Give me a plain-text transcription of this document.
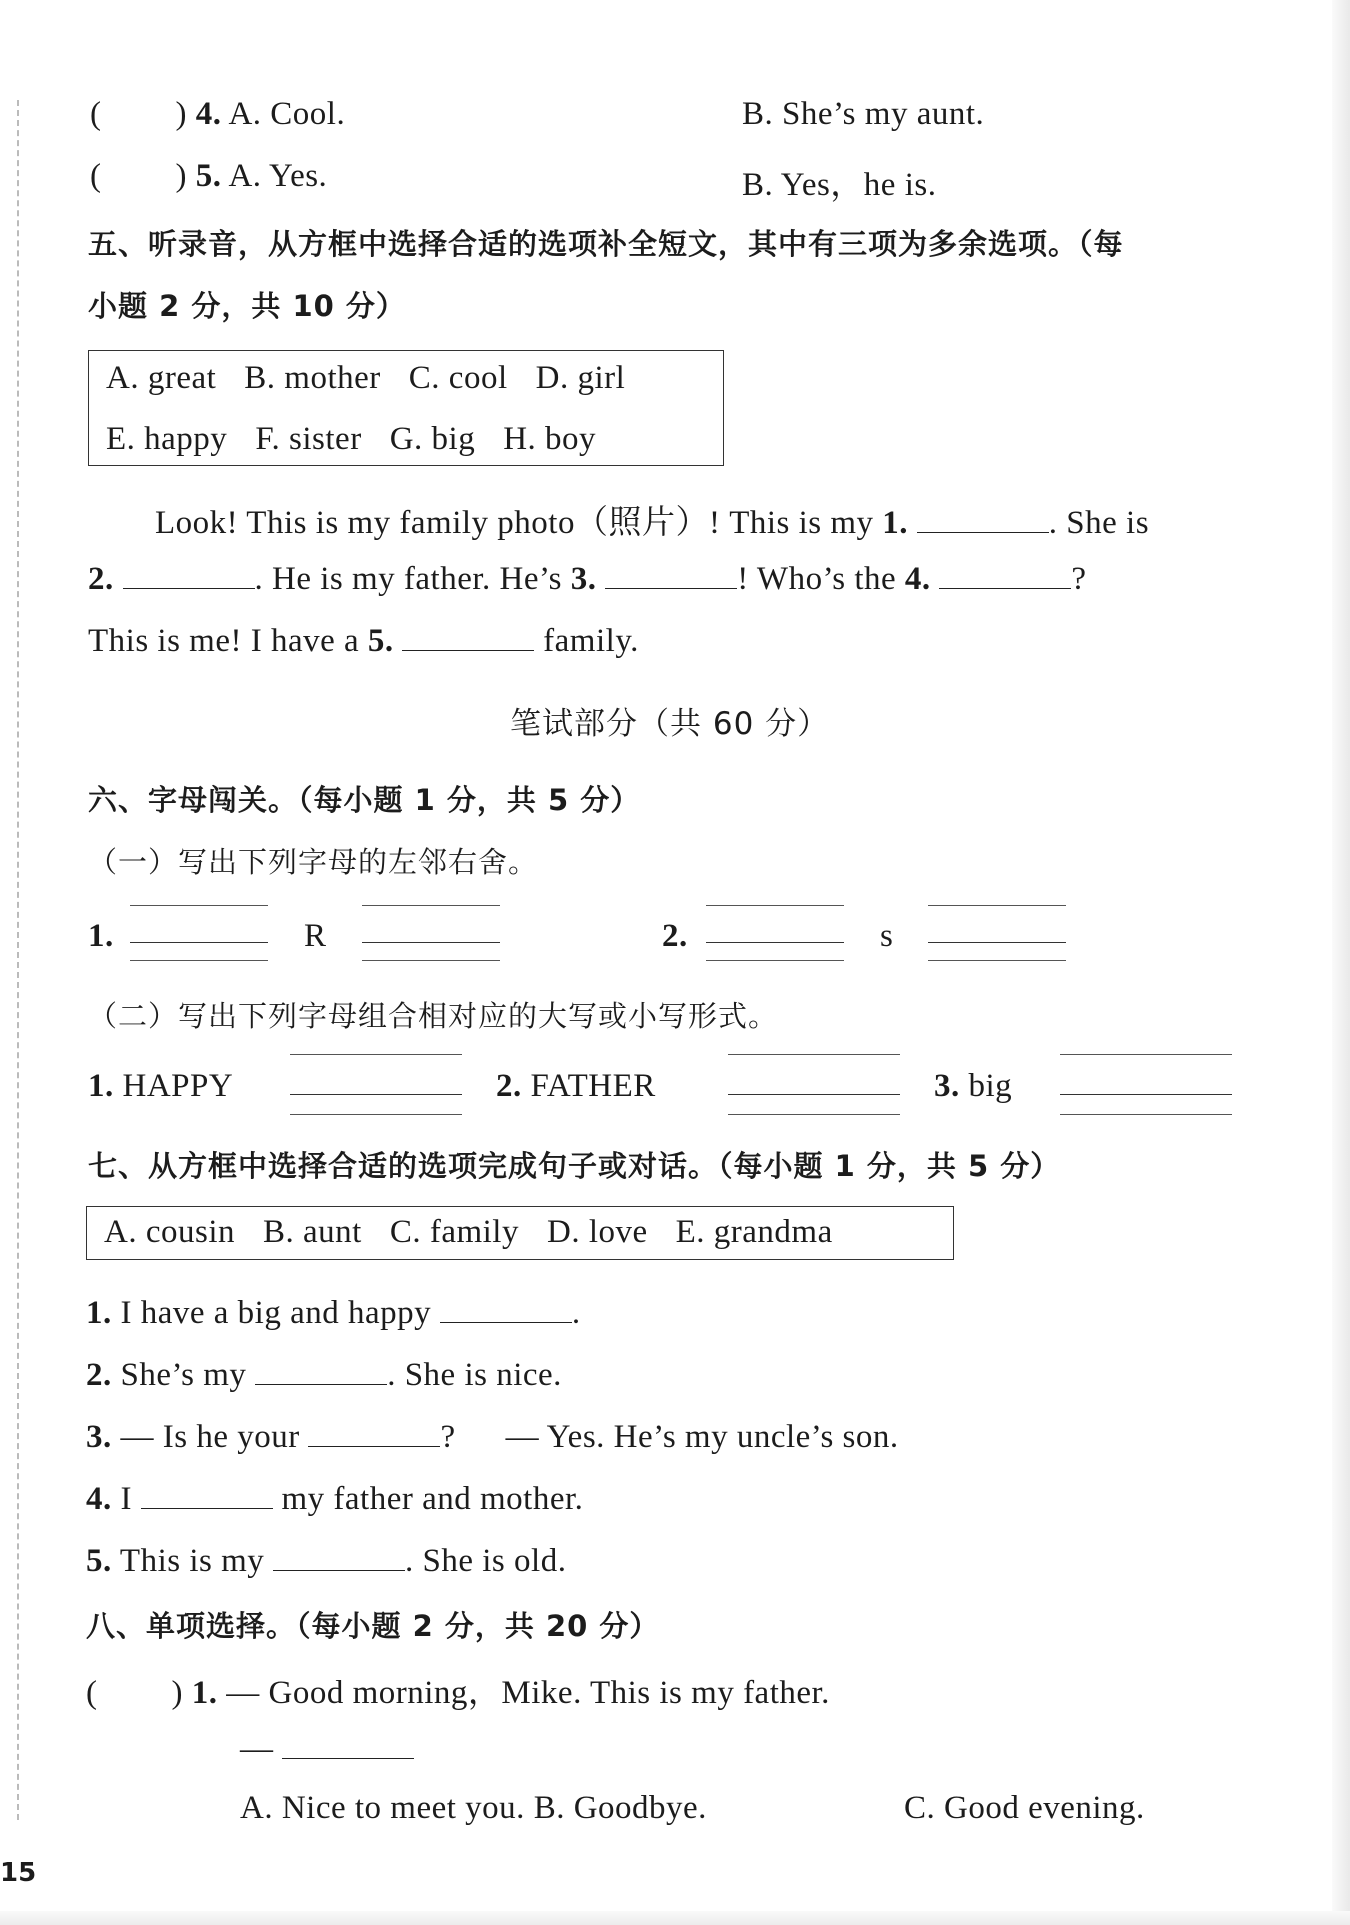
( ) 4. A. Cool.	B. She’s my aunt.
( ) 5. A. Yes.	B. Yes，he is.
五、听录音，从方框中选择合适的选项补全短文，其中有三项为多余选项。（每
小题 2 分，共 10 分）
A. great B. mother C. cool D. girl
E. happy F. sister G. big H. boy
Look! This is my family photo（照片）! This is my 1.	. She is
2.	. He is my father. He’s 3.	! Who’s the 4.	?
This is me! I have a 5.	family.
笔试部分（共 60 分）
六、字母闯关。（每小题 1 分，共 5 分）
（一）写出下列字母的左邻右舍。
1.	R	2.	s
（二）写出下列字母组合相对应的大写或小写形式。
1. HAPPY	2. FATHER	3. big
七、从方框中选择合适的选项完成句子或对话。（每小题 1 分，共 5 分）
A. cousin B. aunt C. family D. love E. grandma
1. I have a big and happy	.
2. She’s my	. She is nice.
3. — Is he your	? — Yes. He’s my uncle’s son.
4. I	my father and mother.
5. This is my	. She is old.
八、单项选择。（每小题 2 分，共 20 分）
( ) 1. — Good morning，Mike. This is my father.
—
A. Nice to meet you. B. Goodbye.	C. Good evening.
15
